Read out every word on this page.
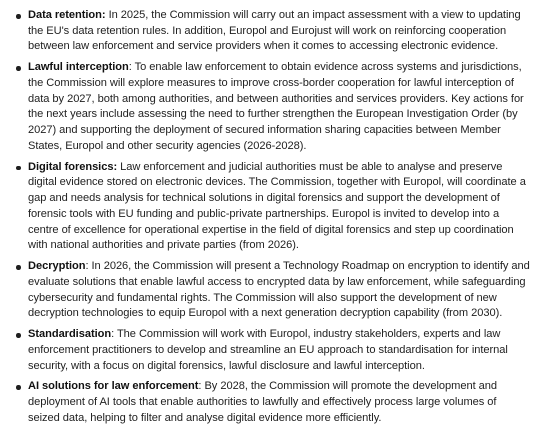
Data retention: In 2025, the Commission will carry out an impact assessment with a view to updating the EU's data retention rules. In addition, Europol and Eurojust will work on reinforcing cooperation between law enforcement and service providers when it comes to accessing electronic evidence.
Lawful interception: To enable law enforcement to obtain evidence across systems and jurisdictions, the Commission will explore measures to improve cross-border cooperation for lawful interception of data by 2027, both among authorities, and between authorities and services providers. Key actions for the next years include assessing the need to further strengthen the European Investigation Order (by 2027) and supporting the deployment of secured information sharing capacities between Member States, Europol and other security agencies (2026-2028).
Digital forensics: Law enforcement and judicial authorities must be able to analyse and preserve digital evidence stored on electronic devices. The Commission, together with Europol, will coordinate a gap and needs analysis for technical solutions in digital forensics and support the development of forensic tools with EU funding and public-private partnerships. Europol is invited to develop into a centre of excellence for operational expertise in the field of digital forensics and step up coordination with national authorities and private parties (from 2026).
Decryption: In 2026, the Commission will present a Technology Roadmap on encryption to identify and evaluate solutions that enable lawful access to encrypted data by law enforcement, while safeguarding cybersecurity and fundamental rights. The Commission will also support the development of new decryption technologies to equip Europol with a next generation decryption capability (from 2030).
Standardisation: The Commission will work with Europol, industry stakeholders, experts and law enforcement practitioners to develop and streamline an EU approach to standardisation for internal security, with a focus on digital forensics, lawful disclosure and lawful interception.
AI solutions for law enforcement: By 2028, the Commission will promote the development and deployment of AI tools that enable authorities to lawfully and effectively process large volumes of seized data, helping to filter and analyse digital evidence more efficiently.
